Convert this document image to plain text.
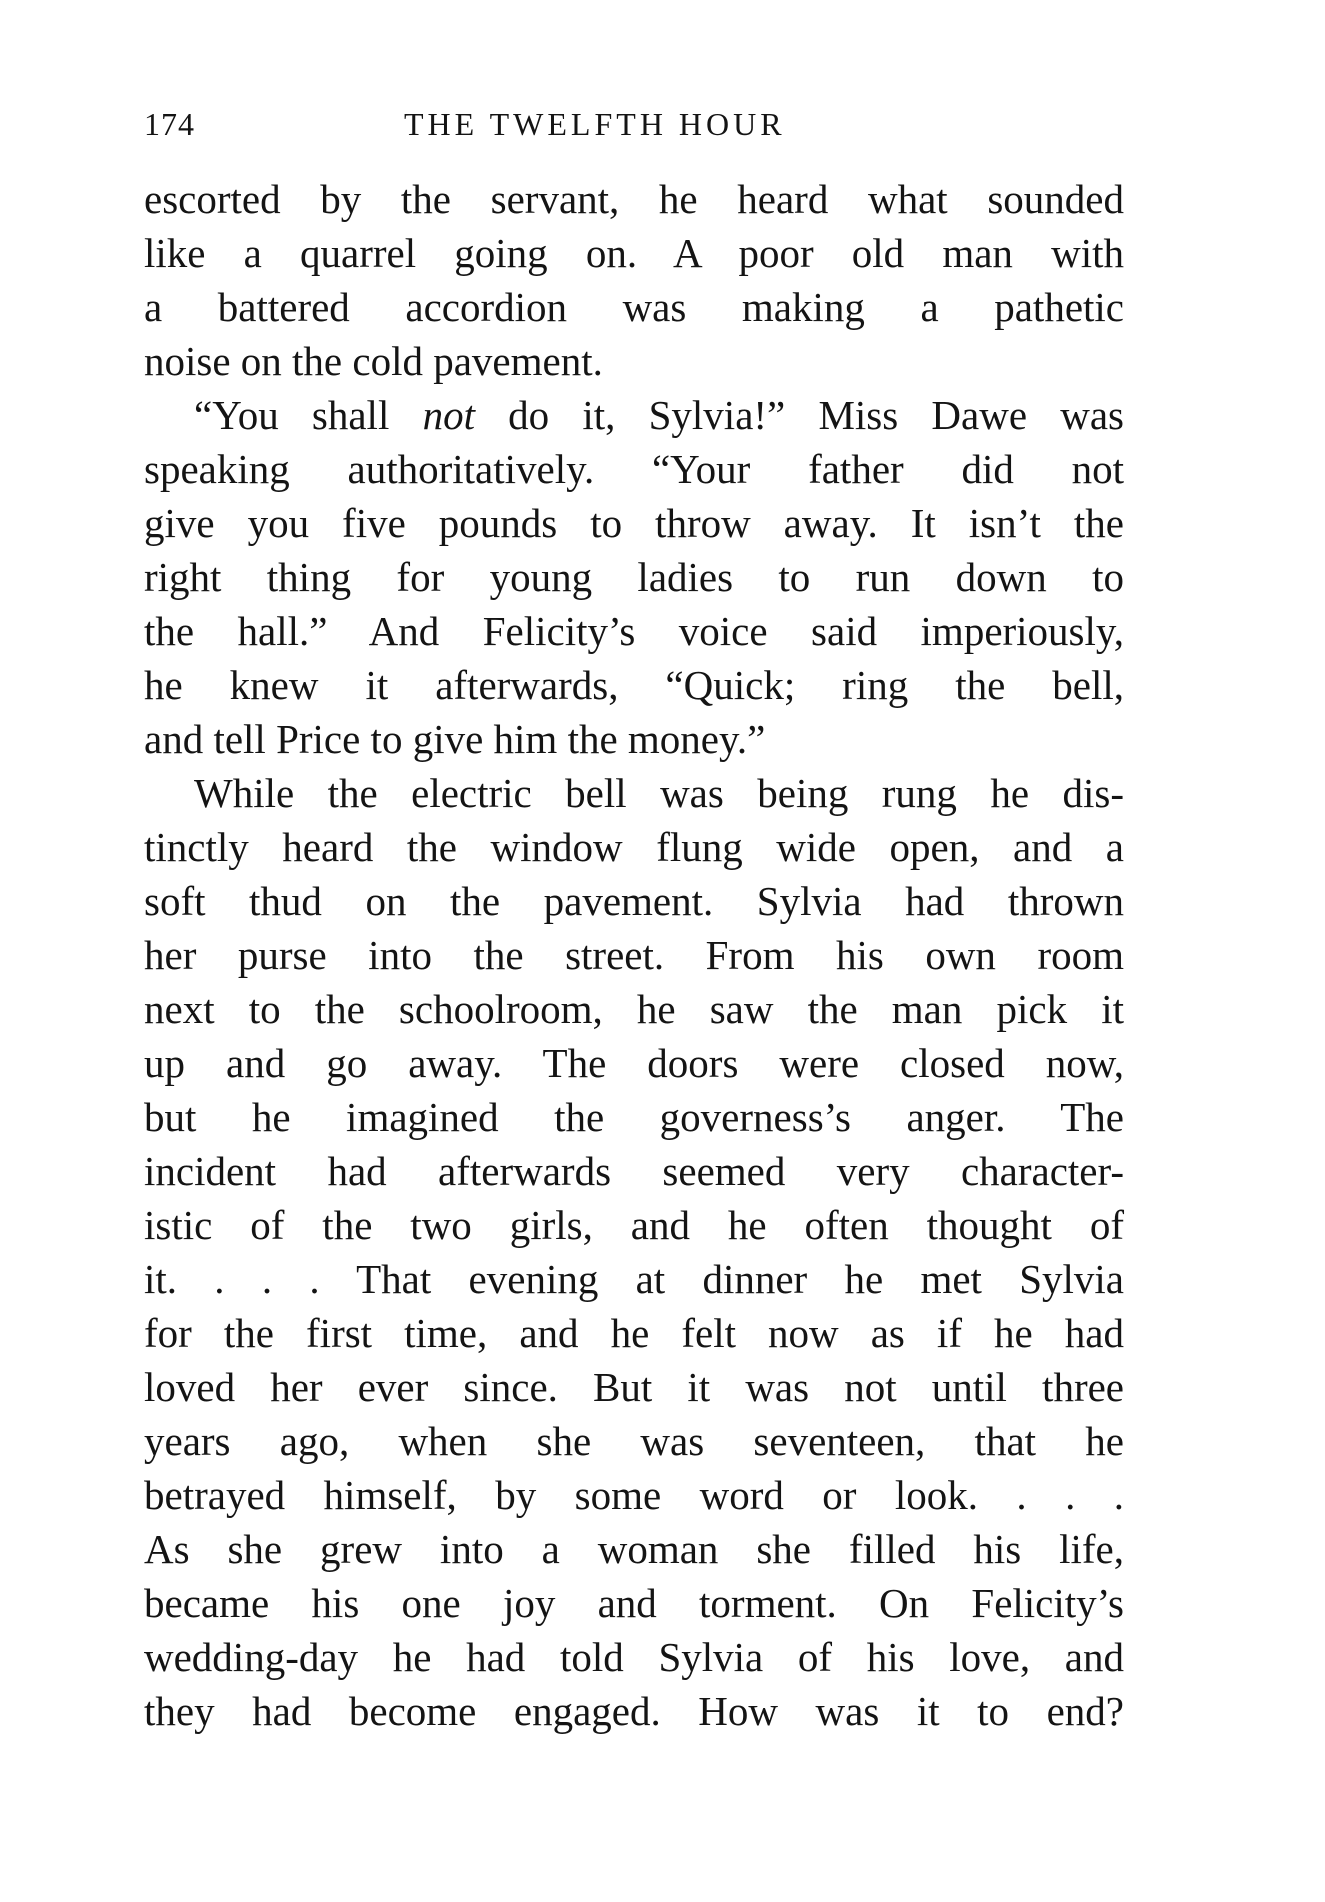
174	THE TWELFTH HOUR
escorted by the servant, he heard what sounded
like a quarrel going on. A poor old man with
a battered accordion was making a pathetic
noise on the cold pavement.
“You shall not do it, Sylvia!” Miss Dawe was
speaking authoritatively. “Your father did not
give you five pounds to throw away. It isn’t the
right thing for young ladies to run down to
the hall.” And Felicity’s voice said imperiously,
he knew it afterwards, “Quick; ring the bell,
and tell Price to give him the money.”
While the electric bell was being rung he dis-
tinctly heard the window flung wide open, and a
soft thud on the pavement. Sylvia had thrown
her purse into the street. From his own room
next to the schoolroom, he saw the man pick it
up and go away. The doors were closed now,
but he imagined the governess’s anger. The
incident had afterwards seemed very character-
istic of the two girls, and he often thought of
it. . . . That evening at dinner he met Sylvia
for the first time, and he felt now as if he had
loved her ever since. But it was not until three
years ago, when she was seventeen, that he
betrayed himself, by some word or look. . . .
As she grew into a woman she filled his life,
became his one joy and torment. On Felicity’s
wedding-day he had told Sylvia of his love, and
they had become engaged. How was it to end?
